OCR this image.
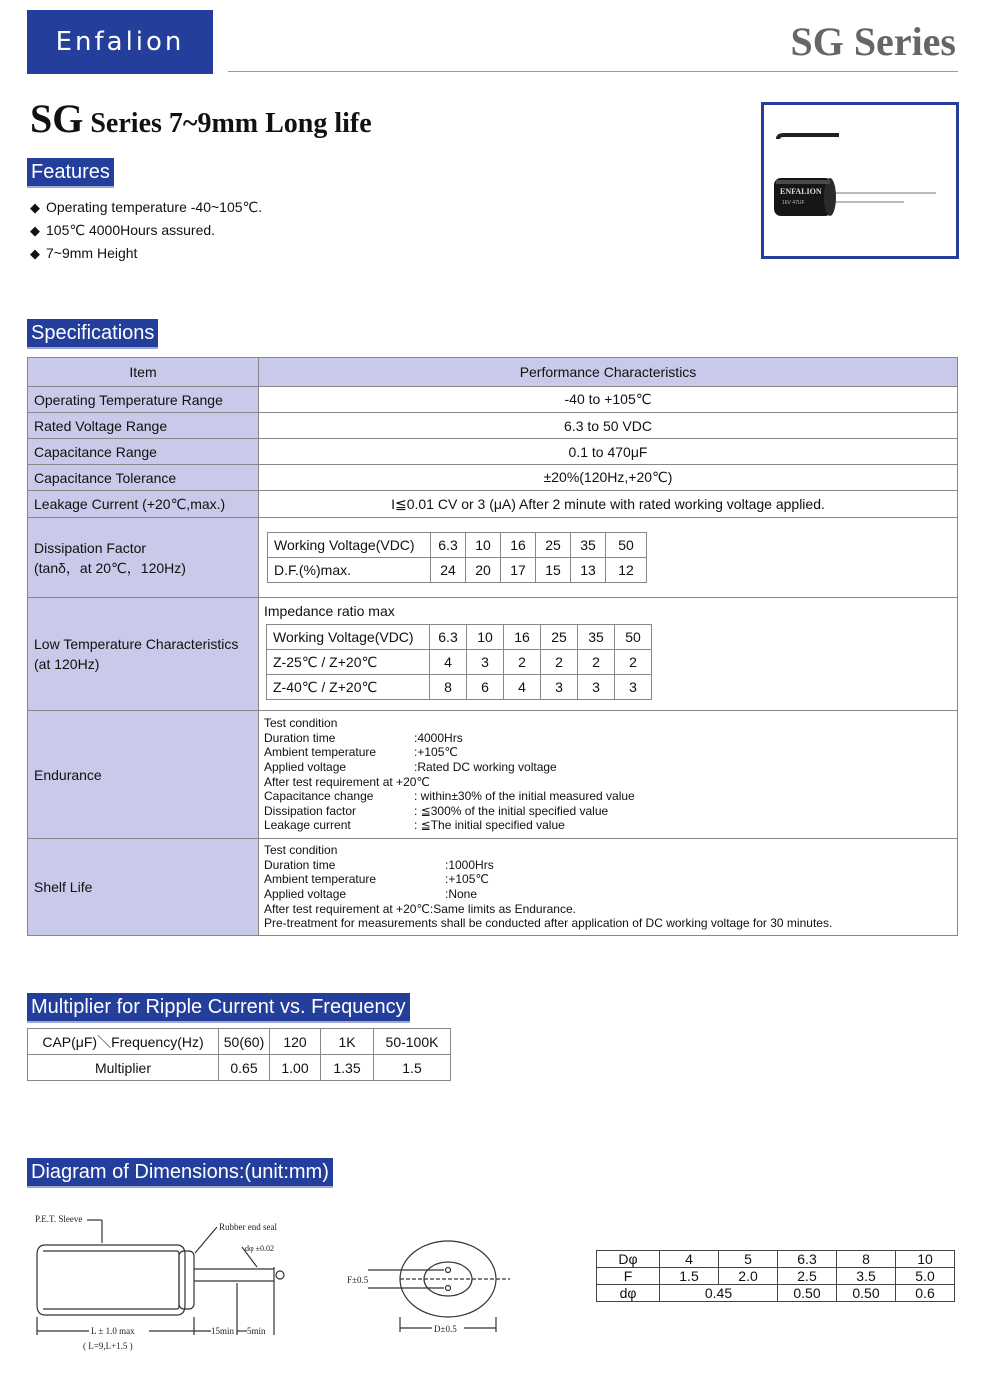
Enfalion	SG Series
SG Series 7~9mm Long life
Features
◆ Operating temperature -40~105℃.
◆ 105℃ 4000Hours assured.
◆ 7~9mm Height
ENFALION
16V 47UF
Specifications
Item	Performance Characteristics
Operating Temperature Range	-40 to +105℃
Rated Voltage Range	6.3 to 50 VDC
Capacitance Range	0.1 to 470μF
Capacitance Tolerance	±20%(120Hz,+20℃)
Leakage Current (+20℃,max.)	I≦0.01 CV or 3 (μA) After 2 minute with rated working voltage applied.

Dissipation Factor
(tanδ，at 20℃，120Hz)

Working Voltage(VDC)	6.3	10	16	25	35	50
D.F.(%)max.	24	20	17	15	13	12

Low Temperature Characteristics
(at 120Hz)

Impedance ratio max
Working Voltage(VDC)	6.3	10	16	25	35	50
Z-25℃ / Z+20℃	4	3	2	2	2	2
Z-40℃ / Z+20℃	8	6	4	3	3	3

Endurance	
Test condition
Duration time	:4000Hrs
Ambient temperature	:+105℃
Applied voltage	:Rated DC working voltage
After test requirement at +20℃
Capacitance change	: within±30% of the initial measured value
Dissipation factor	: ≦300% of the initial specified value
Leakage current	: ≦The initial specified value

Shelf Life	
Test condition
Duration time	:1000Hrs
Ambient temperature	:+105℃
Applied voltage	:None
After test requirement at +20℃:Same limits as Endurance.
Pre-treatment for measurements shall be conducted after application of DC working voltage for 30 minutes.
Multiplier for Ripple Current vs. Frequency
CAP(μF)＼Frequency(Hz)	50(60)	120	1K	50-100K
Multiplier	0.65	1.00	1.35	1.5
Diagram of Dimensions:(unit:mm)
P.E.T. Sleeve
Rubber end seal
dφ ±0.02
L ± 1.0 max
( L=9,L+1.5 )
15min 5min
F±0.5
D±0.5
Dφ	4	5	6.3	8	10
F	1.5	2.0	2.5	3.5	5.0
dφ	0.45		0.50	0.50	0.6
